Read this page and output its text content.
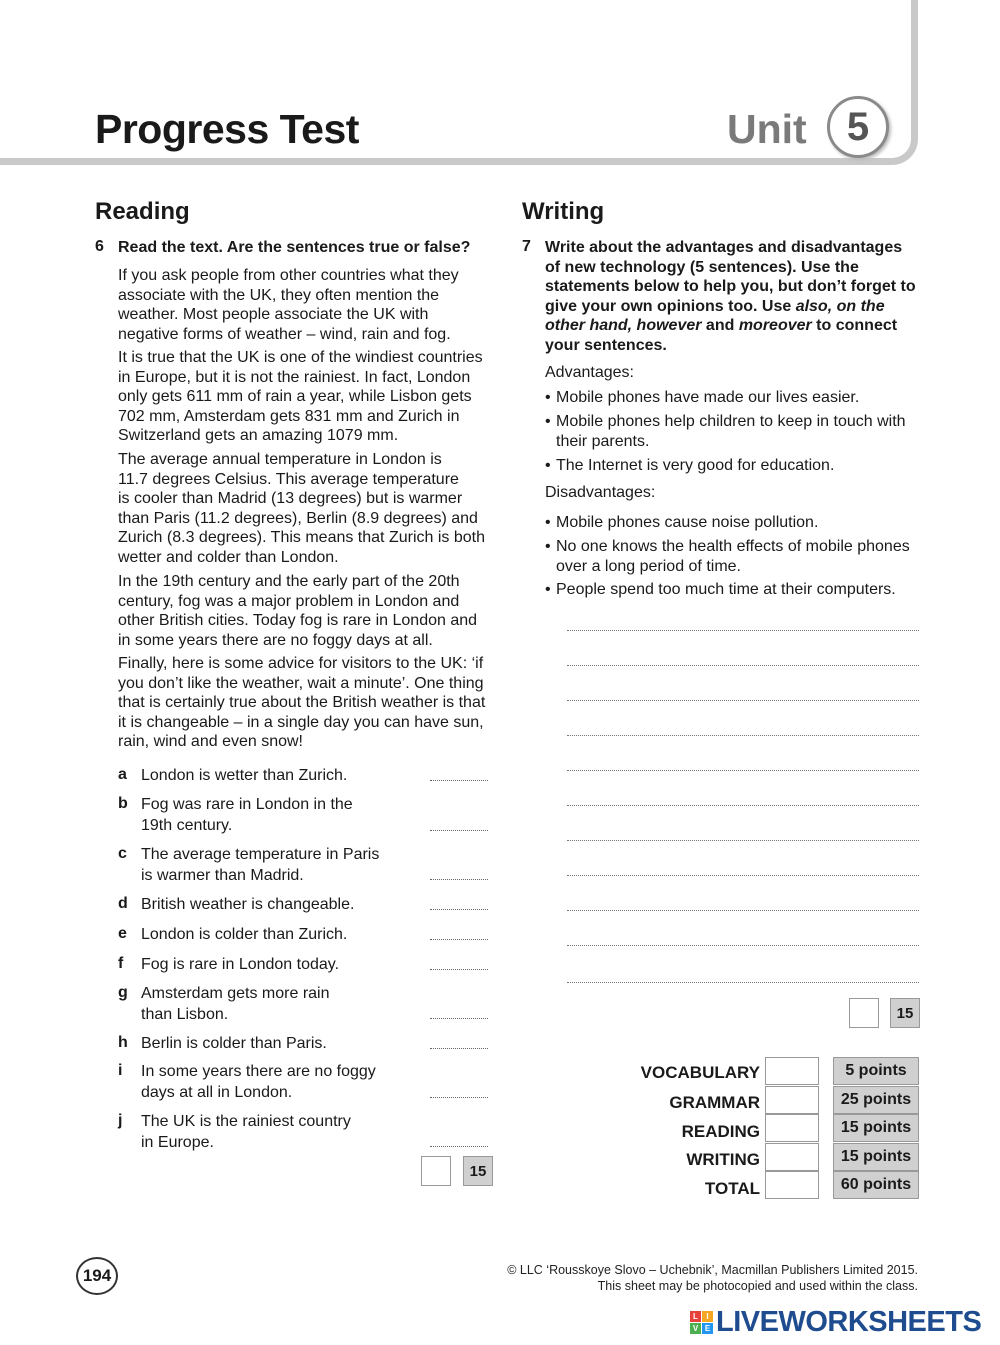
Progress Test	Unit	5
Reading
6 Read the text. Are the sentences true or false?
If you ask people from other countries what they
associate with the UK, they often mention the
weather. Most people associate the UK with
negative forms of weather – wind, rain and fog.
It is true that the UK is one of the windiest countries
in Europe, but it is not the rainiest. In fact, London
only gets 611 mm of rain a year, while Lisbon gets
702 mm, Amsterdam gets 831 mm and Zurich in
Switzerland gets an amazing 1079 mm.
The average annual temperature in London is
11.7 degrees Celsius. This average temperature
is cooler than Madrid (13 degrees) but is warmer
than Paris (11.2 degrees), Berlin (8.9 degrees) and
Zurich (8.3 degrees). This means that Zurich is both
wetter and colder than London.
In the 19th century and the early part of the 20th
century, fog was a major problem in London and
other British cities. Today fog is rare in London and
in some years there are no foggy days at all.
Finally, here is some advice for visitors to the UK: ‘if
you don’t like the weather, wait a minute’. One thing
that is certainly true about the British weather is that
it is changeable – in a single day you can have sun,
rain, wind and even snow!
a London is wetter than Zurich.
b Fog was rare in London in the
19th century.
c The average temperature in Paris
is warmer than Madrid.
d British weather is changeable.
e London is colder than Zurich.
f Fog is rare in London today.
g Amsterdam gets more rain
than Lisbon.
h Berlin is colder than Paris.
i In some years there are no foggy
days at all in London.
j The UK is the rainiest country
in Europe.
15
Writing
7 Write about the advantages and disadvantages of new technology (5 sentences). Use the statements below to help you, but don’t forget to give your own opinions too. Use also, on the other hand, however and moreover to connect your sentences.
Advantages:
• Mobile phones have made our lives easier.
• Mobile phones help children to keep in touch with their parents.
• The Internet is very good for education.
Disadvantages:
• Mobile phones cause noise pollution.
• No one knows the health effects of mobile phones over a long period of time.
• People spend too much time at their computers.
15
VOCABULARY	5 points
GRAMMAR	25 points
READING	15 points
WRITING	15 points
TOTAL	60 points
194	© LLC ‘Rousskoye Slovo – Uchebnik’, Macmillan Publishers Limited 2015.
This sheet may be photocopied and used within the class.
L	I
V E LIVEWORKSHEETS
